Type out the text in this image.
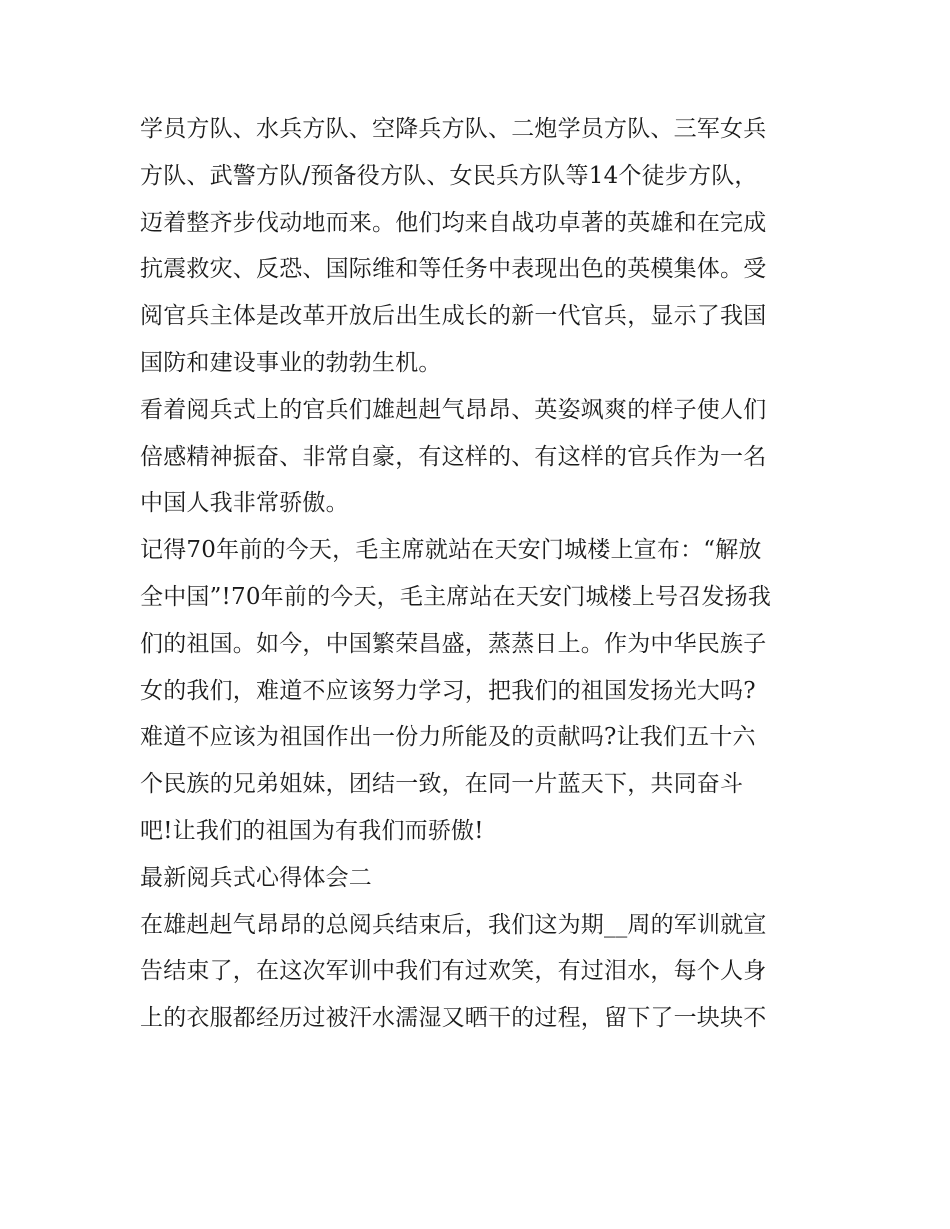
学员方队、水兵方队、空降兵方队、二炮学员方队、三军女兵
方队、武警方队/预备役方队、女民兵方队等14个徒步方队，
迈着整齐步伐动地而来。他们均来自战功卓著的英雄和在完成
抗震救灾、反恐、国际维和等任务中表现出色的英模集体。受
阅官兵主体是改革开放后出生成长的新一代官兵，显示了我国
国防和建设事业的勃勃生机。
看着阅兵式上的官兵们雄赳赳气昂昂、英姿飒爽的样子使人们
倍感精神振奋、非常自豪，有这样的、有这样的官兵作为一名
中国人我非常骄傲。
记得70年前的今天，毛主席就站在天安门城楼上宣布：“解放
全中国”!70年前的今天，毛主席站在天安门城楼上号召发扬我
们的祖国。如今，中国繁荣昌盛，蒸蒸日上。作为中华民族子
女的我们，难道不应该努力学习，把我们的祖国发扬光大吗?
难道不应该为祖国作出一份力所能及的贡献吗?让我们五十六
个民族的兄弟姐妹，团结一致，在同一片蓝天下，共同奋斗
吧!让我们的祖国为有我们而骄傲!
最新阅兵式心得体会二
在雄赳赳气昂昂的总阅兵结束后，我们这为期__周的军训就宣
告结束了，在这次军训中我们有过欢笑，有过泪水，每个人身
上的衣服都经历过被汗水濡湿又晒干的过程，留下了一块块不
